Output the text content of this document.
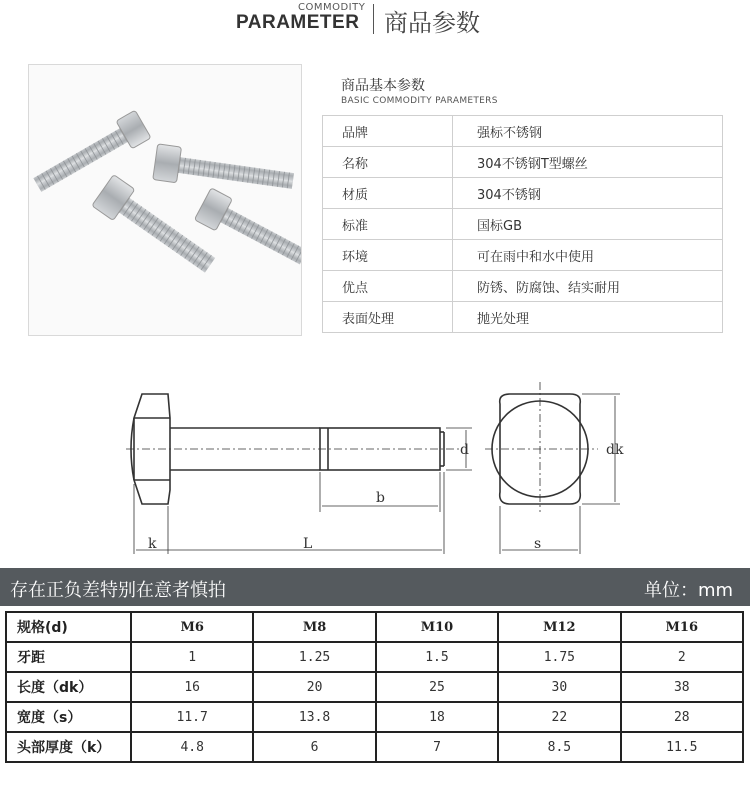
COMMODITY
PARAMETER 商品参数
商品基本参数
BASIC COMMODITY PARAMETERS
品牌	强标不锈钢
名称	304不锈钢T型螺丝
材质	304不锈钢
标准	国标GB
环境	可在雨中和水中使用
优点	防锈、防腐蚀、结实耐用
表面处理	抛光处理
k	L
b
d	dk
s
存在正负差特别在意者慎拍	单位：mm
规格(d)	M6	M8	M10	M12	M16
牙距	1	1.25	1.5	1.75	2
长度（dk）	16	20	25	30	38
宽度（s）	11.7	13.8	18	22	28
头部厚度（k）	4.8	6	7	8.5	11.5
